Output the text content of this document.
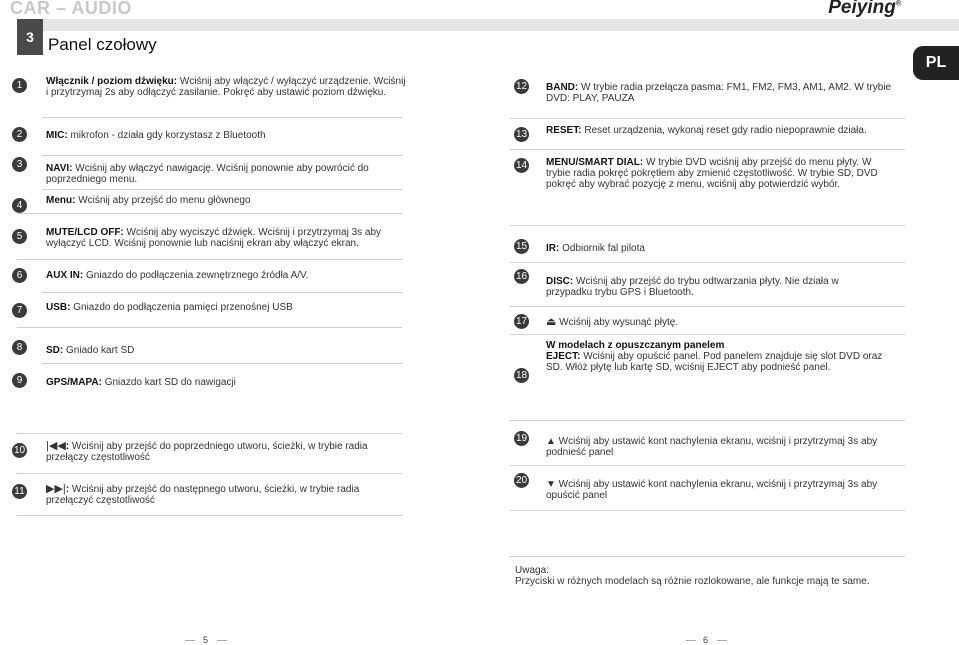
CAR – AUDIO	Peiying®
3 Panel czołowy
PL
1	Włącznik / poziom dźwięku: Wciśnij aby włączyć / wyłączyć urządzenie. Wciśnij i przytrzymaj 2s aby odłączyć zasilanie. Pokręć aby ustawić poziom dźwięku.
2	MIC: mikrofon - działa gdy korzystasz z Bluetooth
3	NAVI: Wciśnij aby włączyć nawigację. Wciśnij ponownie aby powrócić do poprzedniego menu.
4	Menu: Wciśnij aby przejść do menu głównego
5	MUTE/LCD OFF: Wciśnij aby wyciszyć dźwięk. Wciśnij i przytrzymaj 3s aby wyłączyć LCD. Wciśnij ponownie lub naciśnij ekran aby włączyć ekran.
6	AUX IN: Gniazdo do podłączenia zewnętrznego źródła A/V.
7	USB: Gniazdo do podłączenia pamięci przenośnej USB
8	SD: Gniado kart SD
9	GPS/MAPA: Gniazdo kart SD do nawigacji
10 |◀◀: Wciśnij aby przejść do poprzedniego utworu, ścieżki, w trybie radia przełączy częstotliwość
11 ▶▶|: Wciśnij aby przejść do następnego utworu, ścieżki, w trybie radia przełączyć częstotliwość
12 BAND: W trybie radia przełącza pasma: FM1, FM2, FM3, AM1, AM2. W trybie DVD: PLAY, PAUZA
13 RESET: Reset urządzenia, wykonaj reset gdy radio niepoprawnie działa.
14 MENU/SMART DIAL: W trybie DVD wciśnij aby przejść do menu płyty. W trybie radia pokręć pokrętłem aby zmienić częstotliwość. W trybie SD, DVD pokręć aby wybrać pozycję z menu, wciśnij aby potwierdzić wybór.
15 IR: Odbiornik fal pilota
16 DISC: Wciśnij aby przejść do trybu odtwarzania płyty. Nie działa w przypadku trybu GPS i Bluetooth.
17 ⏏ Wciśnij aby wysunąć płytę.
18
W modelach z opuszczanym panelem
EJECT: Wciśnij aby opuścić panel. Pod panelem znajduje się slot DVD oraz SD. Włóż płytę lub kartę SD, wciśnij EJECT aby podnieść panel.
19 ▲ Wciśnij aby ustawić kont nachylenia ekranu, wciśnij i przytrzymaj 3s aby podnieść panel
20 ▼ Wciśnij aby ustawić kont nachylenia ekranu, wciśnij i przytrzymaj 3s aby opuścić panel
Uwaga:
Przyciski w różnych modelach są różnie rozlokowane, ale funkcje mają te same.
5	6
